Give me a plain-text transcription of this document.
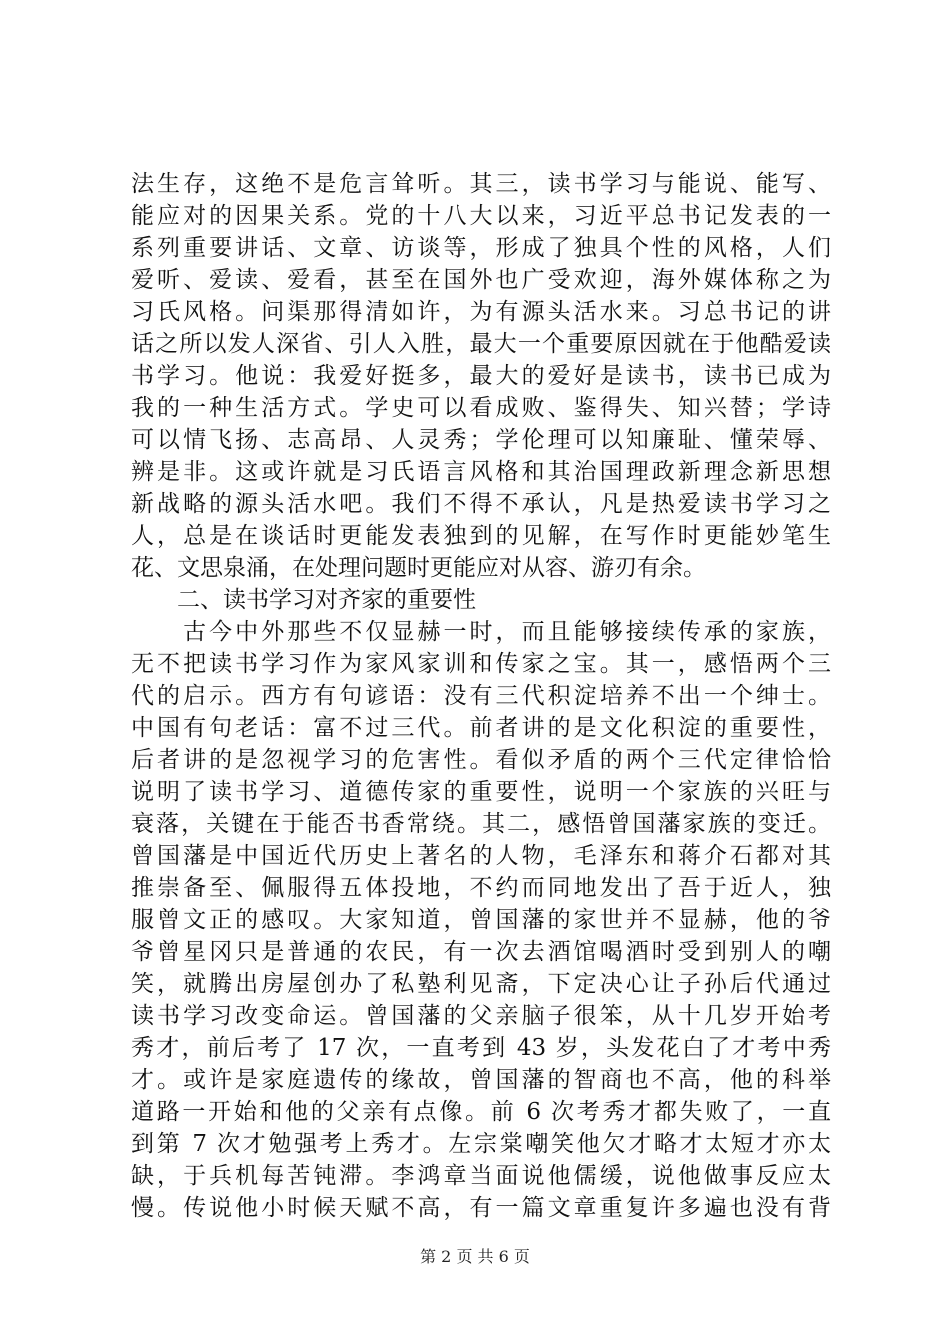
法生存，这绝不是危言耸听。其三，读书学习与能说、能写、
能应对的因果关系。党的十八大以来，习近平总书记发表的一
系列重要讲话、文章、访谈等，形成了独具个性的风格，人们
爱听、爱读、爱看，甚至在国外也广受欢迎，海外媒体称之为
习氏风格。问渠那得清如许，为有源头活水来。习总书记的讲
话之所以发人深省、引人入胜，最大一个重要原因就在于他酷爱读
书学习。他说：我爱好挺多，最大的爱好是读书，读书已成为
我的一种生活方式。学史可以看成败、鉴得失、知兴替；学诗
可以情飞扬、志高昂、人灵秀；学伦理可以知廉耻、懂荣辱、
辨是非。这或许就是习氏语言风格和其治国理政新理念新思想
新战略的源头活水吧。我们不得不承认，凡是热爱读书学习之
人，总是在谈话时更能发表独到的见解，在写作时更能妙笔生
花、文思泉涌，在处理问题时更能应对从容、游刃有余。
　　二、读书学习对齐家的重要性
　　古今中外那些不仅显赫一时，而且能够接续传承的家族，
无不把读书学习作为家风家训和传家之宝。其一，感悟两个三
代的启示。西方有句谚语：没有三代积淀培养不出一个绅士。
中国有句老话：富不过三代。前者讲的是文化积淀的重要性，
后者讲的是忽视学习的危害性。看似矛盾的两个三代定律恰恰
说明了读书学习、道德传家的重要性，说明一个家族的兴旺与
衰落，关键在于能否书香常绕。其二，感悟曾国藩家族的变迁。
曾国藩是中国近代历史上著名的人物，毛泽东和蒋介石都对其
推崇备至、佩服得五体投地，不约而同地发出了吾于近人，独
服曾文正的感叹。大家知道，曾国藩的家世并不显赫，他的爷
爷曾星冈只是普通的农民，有一次去酒馆喝酒时受到别人的嘲
笑，就腾出房屋创办了私塾利见斋，下定决心让子孙后代通过
读书学习改变命运。曾国藩的父亲脑子很笨，从十几岁开始考
秀才，前后考了 17 次，一直考到 43 岁，头发花白了才考中秀
才。或许是家庭遗传的缘故，曾国藩的智商也不高，他的科举
道路一开始和他的父亲有点像。前 6 次考秀才都失败了，一直
到第 7 次才勉强考上秀才。左宗棠嘲笑他欠才略才太短才亦太
缺，于兵机每苦钝滞。李鸿章当面说他儒缓，说他做事反应太
慢。传说他小时候天赋不高，有一篇文章重复许多遍也没有背
第 2 页 共 6 页
